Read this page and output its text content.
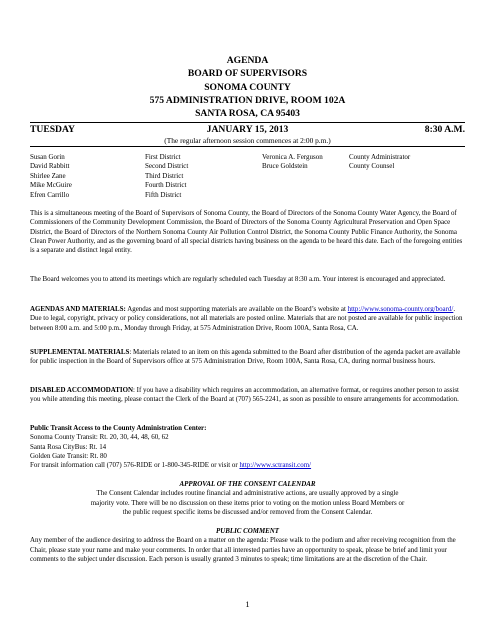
AGENDA
BOARD OF SUPERVISORS
SONOMA COUNTY
575 ADMINISTRATION DRIVE, ROOM 102A
SANTA ROSA, CA 95403
TUESDAY	JANUARY 15, 2013	8:30 A.M.
(The regular afternoon session commences at 2:00 p.m.)
Susan Gorin
David Rabbitt
Shirlee Zane
Mike McGuire
Efren Carrillo
First District
Second District
Third District
Fourth District
Fifth District
Veronica A. Ferguson
Bruce Goldstein
County Administrator
County Counsel

This is a simultaneous meeting of the Board of Supervisors of Sonoma County, the Board of Directors of the Sonoma County Water Agency, the Board of Commissioners of the Community Development Commission, the Board of Directors of the Sonoma County Agricultural Preservation and Open Space District, the Board of Directors of the Northern Sonoma County Air Pollution Control District, the Sonoma County Public Finance Authority, the Sonoma Clean Power Authority, and as the governing board of all special districts having business on the agenda to be heard this date. Each of the foregoing entities is a separate and distinct legal entity.

The Board welcomes you to attend its meetings which are regularly scheduled each Tuesday at 8:30 a.m. Your interest is encouraged and appreciated.

AGENDAS AND MATERIALS: Agendas and most supporting materials are available on the Board’s website at http://www.sonoma-county.org/board/. Due to legal, copyright, privacy or policy considerations, not all materials are posted online. Materials that are not posted are available for public inspection between 8:00 a.m. and 5:00 p.m., Monday through Friday, at 575 Administration Drive, Room 100A, Santa Rosa, CA.

SUPPLEMENTAL MATERIALS: Materials related to an item on this agenda submitted to the Board after distribution of the agenda packet are available for public inspection in the Board of Supervisors office at 575 Administration Drive, Room 100A, Santa Rosa, CA, during normal business hours.

DISABLED ACCOMMODATION: If you have a disability which requires an accommodation, an alternative format, or requires another person to assist you while attending this meeting, please contact the Clerk of the Board at (707) 565-2241, as soon as possible to ensure arrangements for accommodation.

Public Transit Access to the County Administration Center:

Sonoma County Transit: Rt. 20, 30, 44, 48, 60, 62

Santa Rosa CityBus: Rt. 14

Golden Gate Transit: Rt. 80

For transit information call (707) 576-RIDE or 1-800-345-RIDE or visit or http://www.sctransit.com/

APPROVAL OF THE CONSENT CALENDAR

The Consent Calendar includes routine financial and administrative actions, are usually approved by a single

majority vote. There will be no discussion on these items prior to voting on the motion unless Board Members or

the public request specific items be discussed and/or removed from the Consent Calendar.

PUBLIC COMMENT

Any member of the audience desiring to address the Board on a matter on the agenda: Please walk to the podium and after receiving recognition from the Chair, please state your name and make your comments. In order that all interested parties have an opportunity to speak, please be brief and limit your comments to the subject under discussion. Each person is usually granted 3 minutes to speak; time limitations are at the discretion of the Chair.

1
